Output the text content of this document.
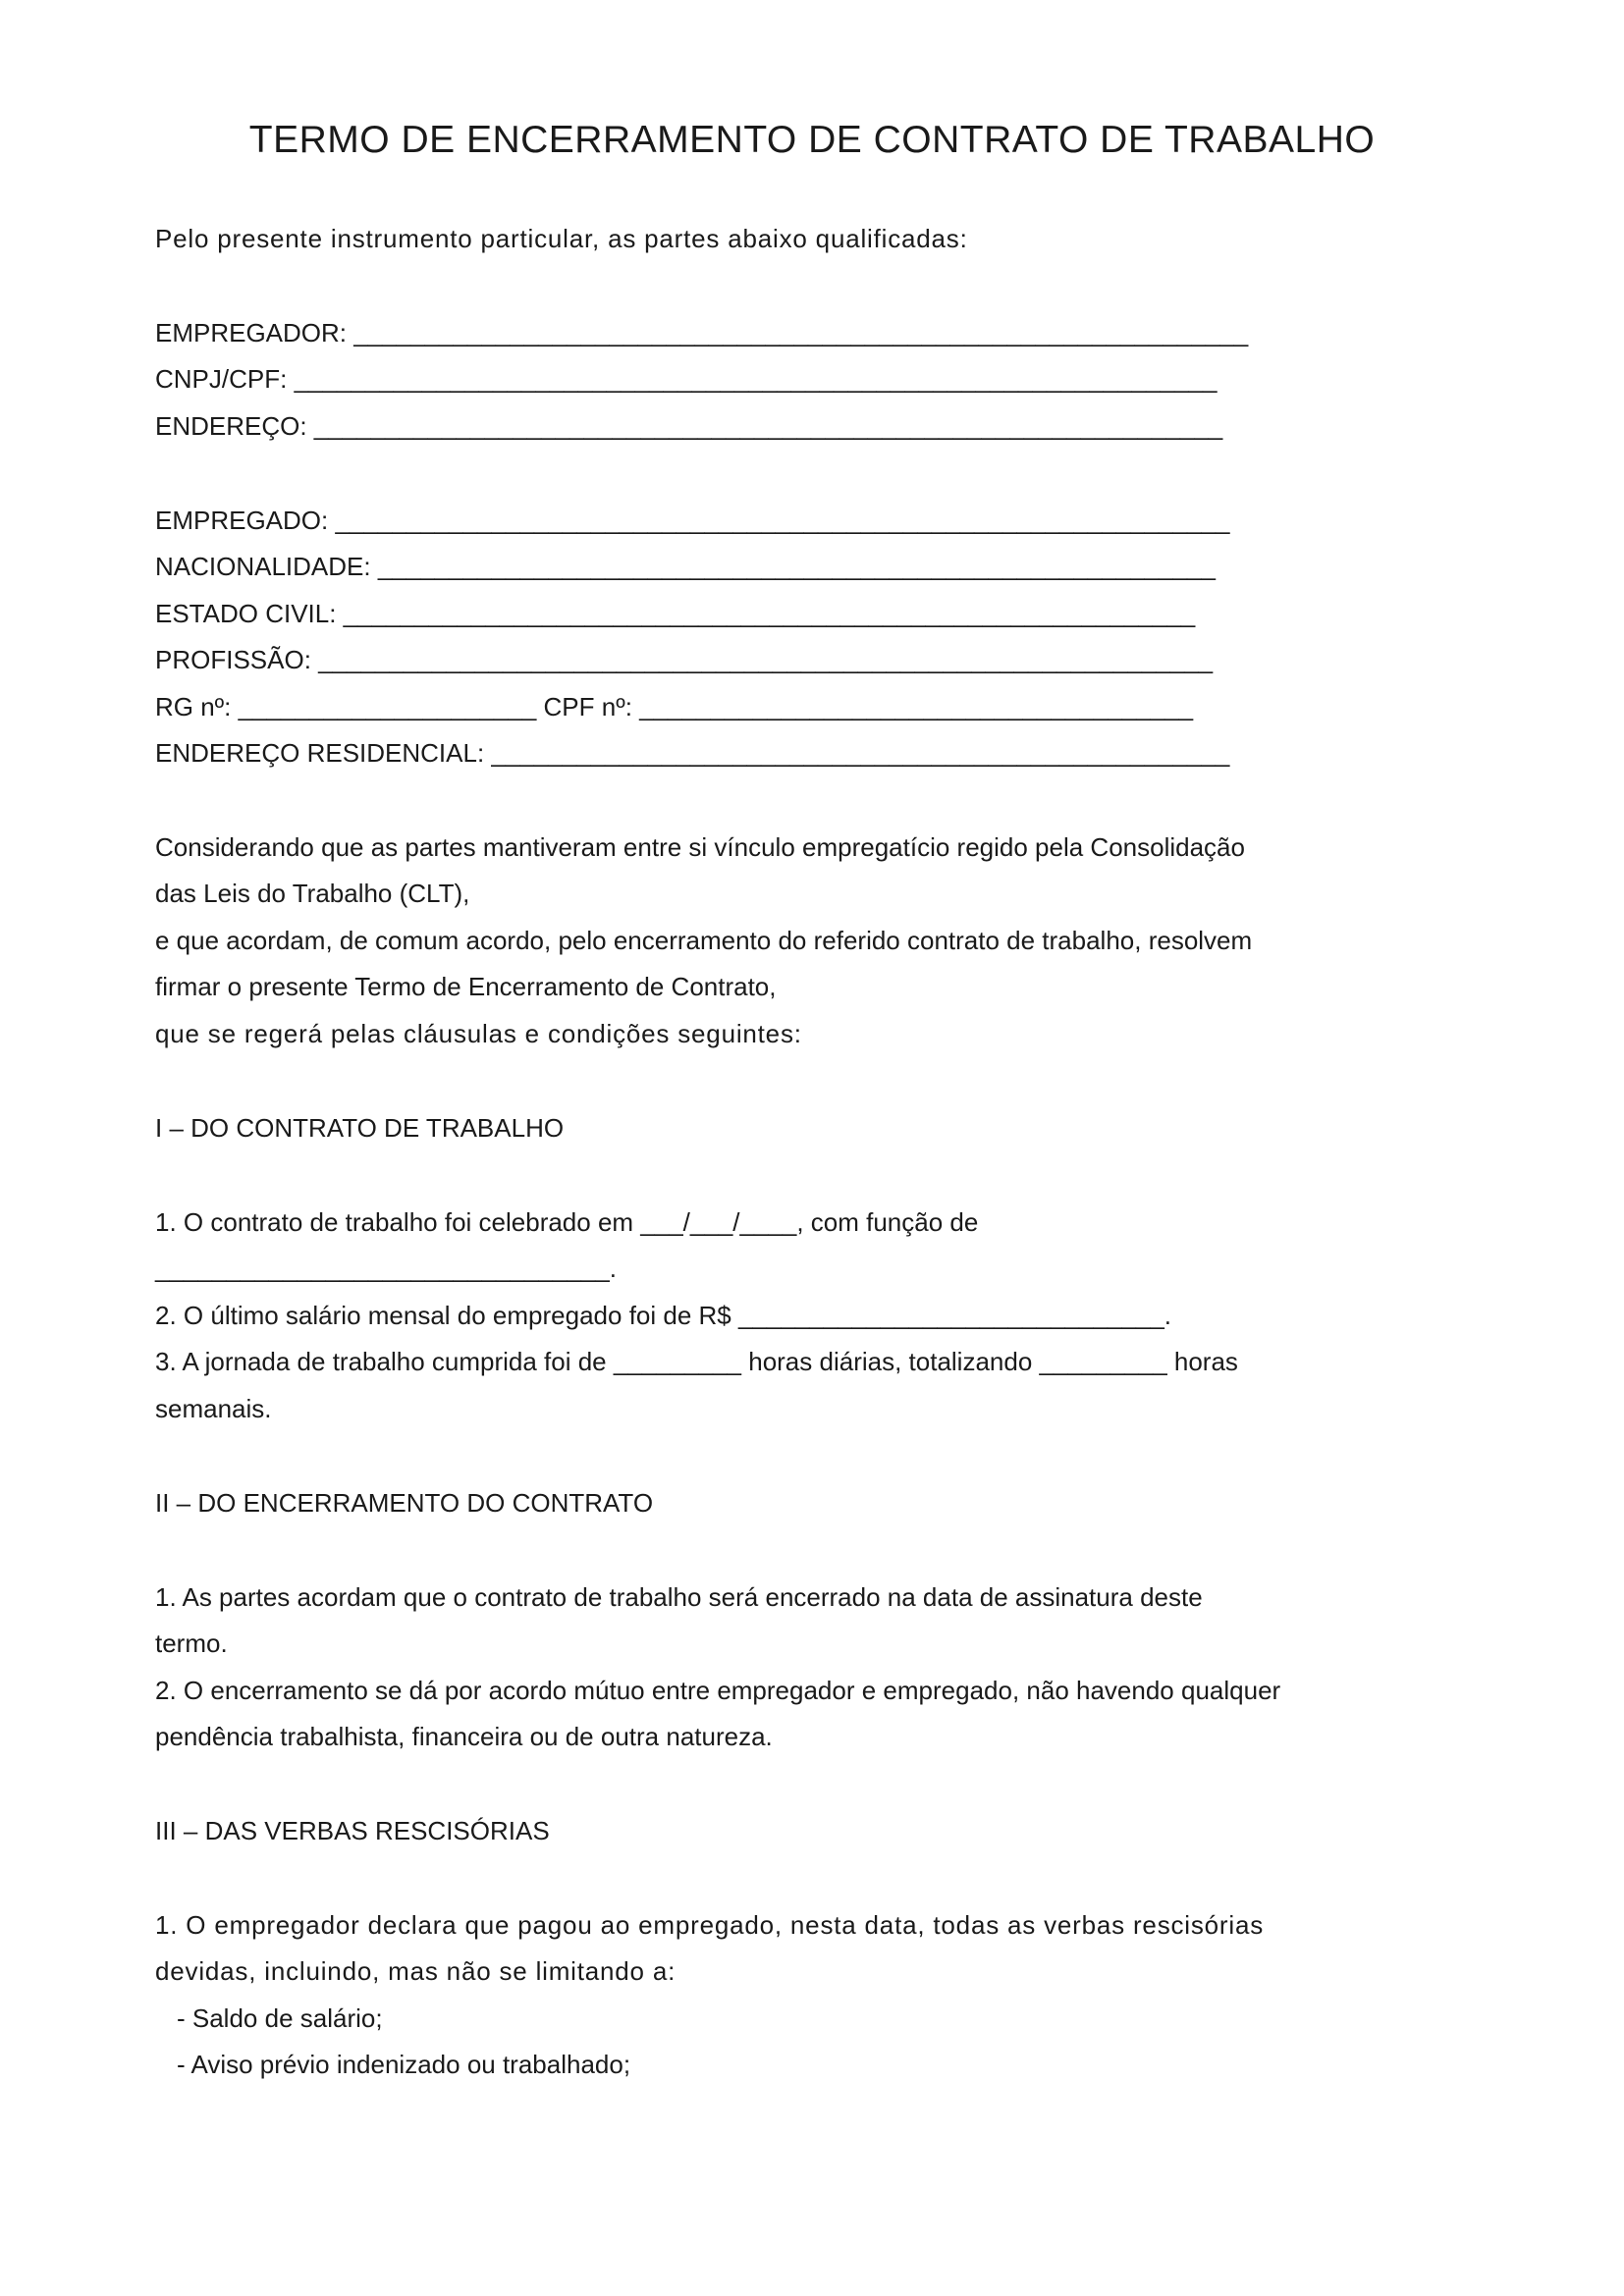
TERMO DE ENCERRAMENTO DE CONTRATO DE TRABALHO
Pelo presente instrumento particular, as partes abaixo qualificadas:
EMPREGADOR: _______________________________________________________________
CNPJ/CPF: _________________________________________________________________
ENDEREÇO: ________________________________________________________________
EMPREGADO: _______________________________________________________________
NACIONALIDADE: ___________________________________________________________
ESTADO CIVIL: ____________________________________________________________
PROFISSÃO: _______________________________________________________________
RG nº: _____________________ CPF nº: _______________________________________
ENDEREÇO RESIDENCIAL: ____________________________________________________
Considerando que as partes mantiveram entre si vínculo empregatício regido pela Consolidação
das Leis do Trabalho (CLT),
e que acordam, de comum acordo, pelo encerramento do referido contrato de trabalho, resolvem
firmar o presente Termo de Encerramento de Contrato,
que se regerá pelas cláusulas e condições seguintes:
I – DO CONTRATO DE TRABALHO
1. O contrato de trabalho foi celebrado em ___/___/____, com função de
________________________________.
2. O último salário mensal do empregado foi de R$ ______________________________.
3. A jornada de trabalho cumprida foi de _________ horas diárias, totalizando _________ horas
semanais.
II – DO ENCERRAMENTO DO CONTRATO
1. As partes acordam que o contrato de trabalho será encerrado na data de assinatura deste
termo.
2. O encerramento se dá por acordo mútuo entre empregador e empregado, não havendo qualquer
pendência trabalhista, financeira ou de outra natureza.
III – DAS VERBAS RESCISÓRIAS
1. O empregador declara que pagou ao empregado, nesta data, todas as verbas rescisórias
devidas, incluindo, mas não se limitando a:
- Saldo de salário;
- Aviso prévio indenizado ou trabalhado;
